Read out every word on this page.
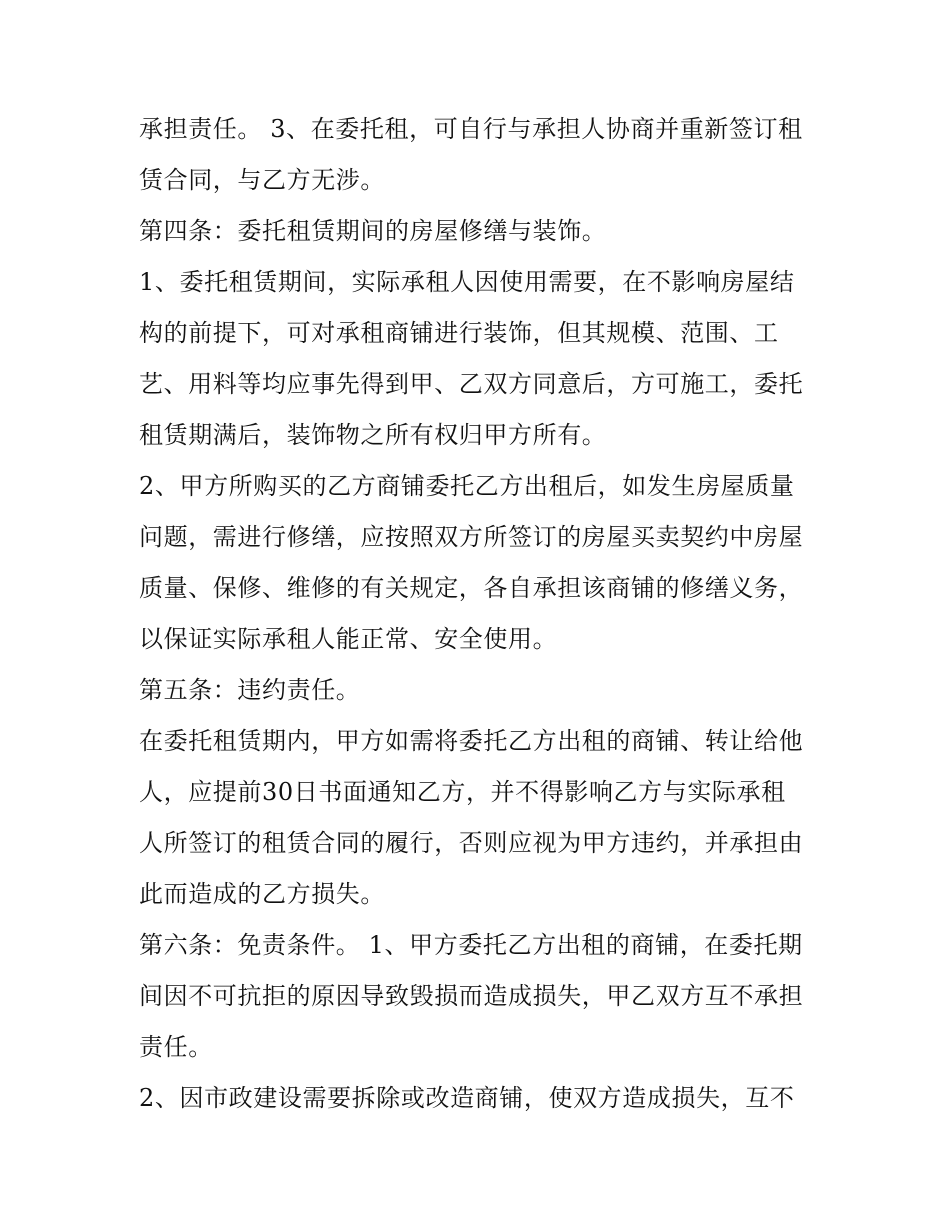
承担责任。 3、在委托租，可自行与承担人协商并重新签订租
赁合同，与乙方无涉。
第四条：委托租赁期间的房屋修缮与装饰。
1、委托租赁期间，实际承租人因使用需要，在不影响房屋结
构的前提下，可对承租商铺进行装饰，但其规模、范围、工
艺、用料等均应事先得到甲、乙双方同意后，方可施工，委托
租赁期满后，装饰物之所有权归甲方所有。
2、甲方所购买的乙方商铺委托乙方出租后，如发生房屋质量
问题，需进行修缮，应按照双方所签订的房屋买卖契约中房屋
质量、保修、维修的有关规定，各自承担该商铺的修缮义务，
以保证实际承租人能正常、安全使用。
第五条：违约责任。
在委托租赁期内，甲方如需将委托乙方出租的商铺、转让给他
人，应提前30日书面通知乙方，并不得影响乙方与实际承租
人所签订的租赁合同的履行，否则应视为甲方违约，并承担由
此而造成的乙方损失。
第六条：免责条件。 1、甲方委托乙方出租的商铺，在委托期
间因不可抗拒的原因导致毁损而造成损失，甲乙双方互不承担
责任。
2、因市政建设需要拆除或改造商铺，使双方造成损失，互不
